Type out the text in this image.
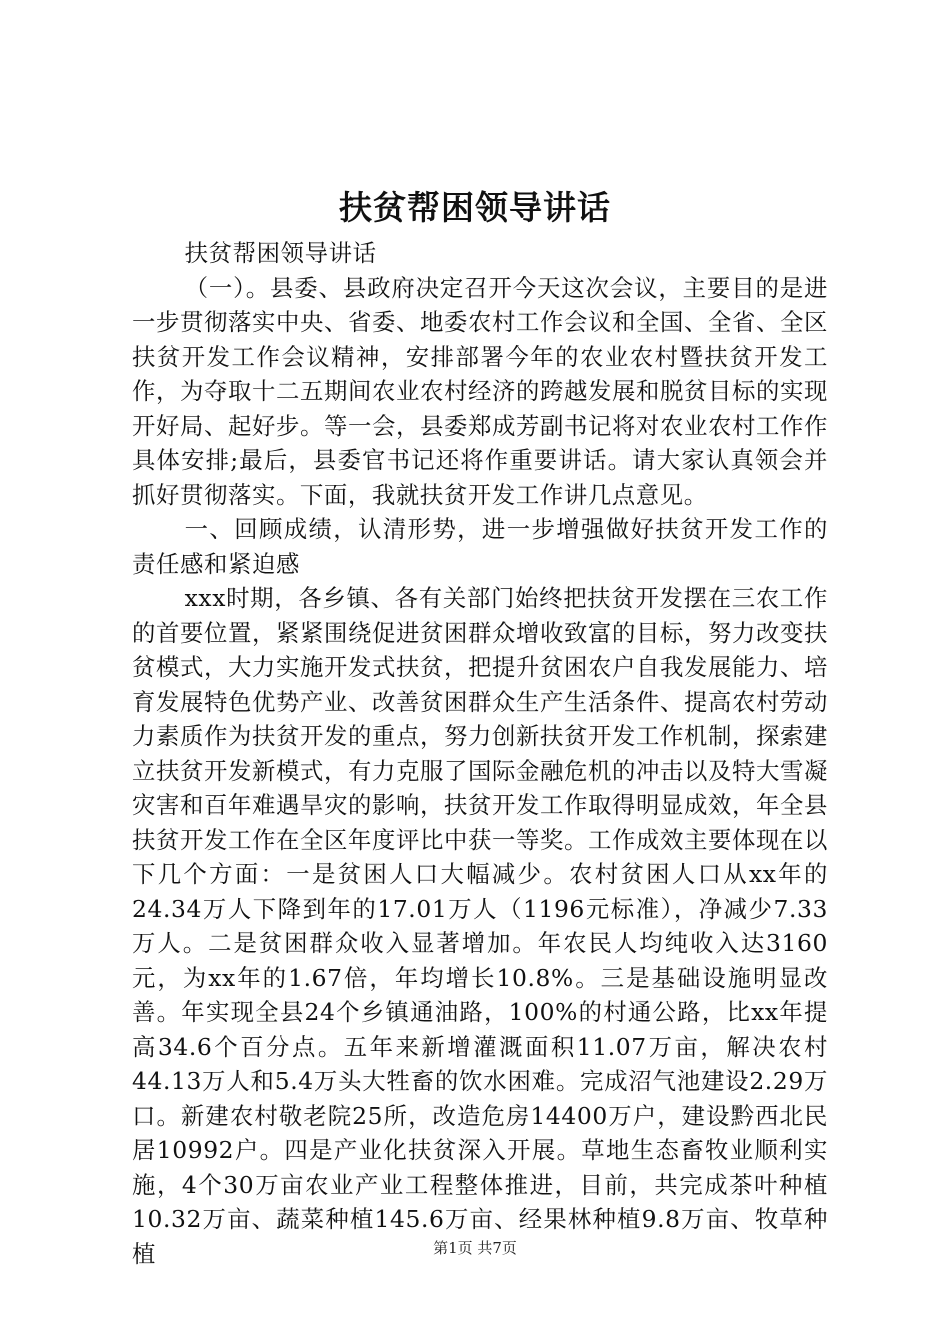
扶贫帮困领导讲话

扶贫帮困领导讲话

（一）。县委、县政府决定召开今天这次会议，主要目的是进一步贯彻落实中央、省委、地委农村工作会议和全国、全省、全区扶贫开发工作会议精神，安排部署今年的农业农村暨扶贫开发工作，为夺取十二五期间农业农村经济的跨越发展和脱贫目标的实现开好局、起好步。等一会，县委郑成芳副书记将对农业农村工作作具体安排;最后，县委官书记还将作重要讲话。请大家认真领会并抓好贯彻落实。下面，我就扶贫开发工作讲几点意见。

一、回顾成绩，认清形势，进一步增强做好扶贫开发工作的责任感和紧迫感

xxx时期，各乡镇、各有关部门始终把扶贫开发摆在三农工作的首要位置，紧紧围绕促进贫困群众增收致富的目标，努力改变扶贫模式，大力实施开发式扶贫，把提升贫困农户自我发展能力、培育发展特色优势产业、改善贫困群众生产生活条件、提高农村劳动力素质作为扶贫开发的重点，努力创新扶贫开发工作机制，探索建立扶贫开发新模式，有力克服了国际金融危机的冲击以及特大雪凝灾害和百年难遇旱灾的影响，扶贫开发工作取得明显成效，年全县扶贫开发工作在全区年度评比中获一等奖。工作成效主要体现在以下几个方面：一是贫困人口大幅减少。农村贫困人口从xx年的24.34万人下降到年的17.01万人（1196元标准），净减少7.33万人。二是贫困群众收入显著增加。年农民人均纯收入达3160元，为xx年的1.67倍，年均增长10.8%。三是基础设施明显改善。年实现全县24个乡镇通油路，100%的村通公路，比xx年提高34.6个百分点。五年来新增灌溉面积11.07万亩，解决农村44.13万人和5.4万头大牲畜的饮水困难。完成沼气池建设2.29万口。新建农村敬老院25所，改造危房14400万户，建设黔西北民居10992户。四是产业化扶贫深入开展。草地生态畜牧业顺利实施，4个30万亩农业产业工程整体推进，目前，共完成茶叶种植10.32万亩、蔬菜种植145.6万亩、经果林种植9.8万亩、牧草种植	第1页 共7页
